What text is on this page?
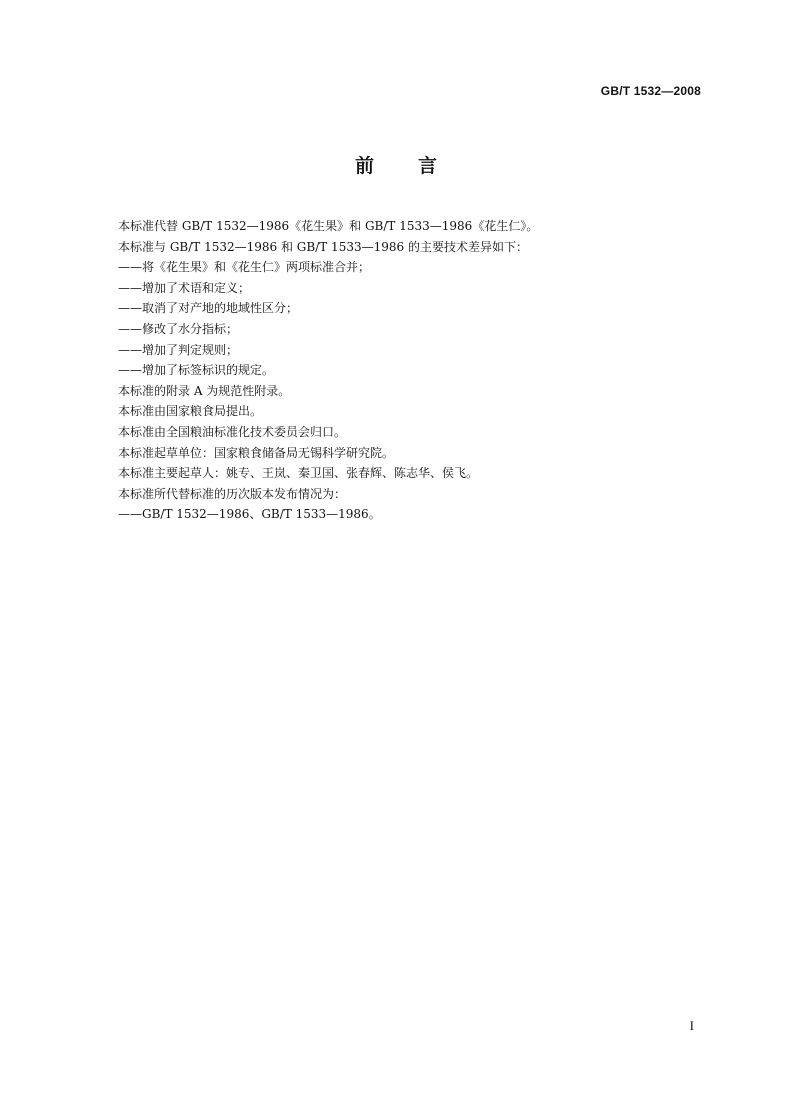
GB/T 1532—2008
前言
本标准代替 GB/T 1532—1986《花生果》和 GB/T 1533—1986《花生仁》。
本标准与 GB/T 1532—1986 和 GB/T 1533—1986 的主要技术差异如下：
——将《花生果》和《花生仁》两项标准合并；
——增加了术语和定义；
——取消了对产地的地域性区分；
——修改了水分指标；
——增加了判定规则；
——增加了标签标识的规定。
本标准的附录 A 为规范性附录。
本标准由国家粮食局提出。
本标准由全国粮油标准化技术委员会归口。
本标准起草单位：国家粮食储备局无锡科学研究院。
本标准主要起草人：姚专、王岚、秦卫国、张春辉、陈志华、侯飞。
本标准所代替标准的历次版本发布情况为：
——GB/T 1532—1986、GB/T 1533—1986。
I
